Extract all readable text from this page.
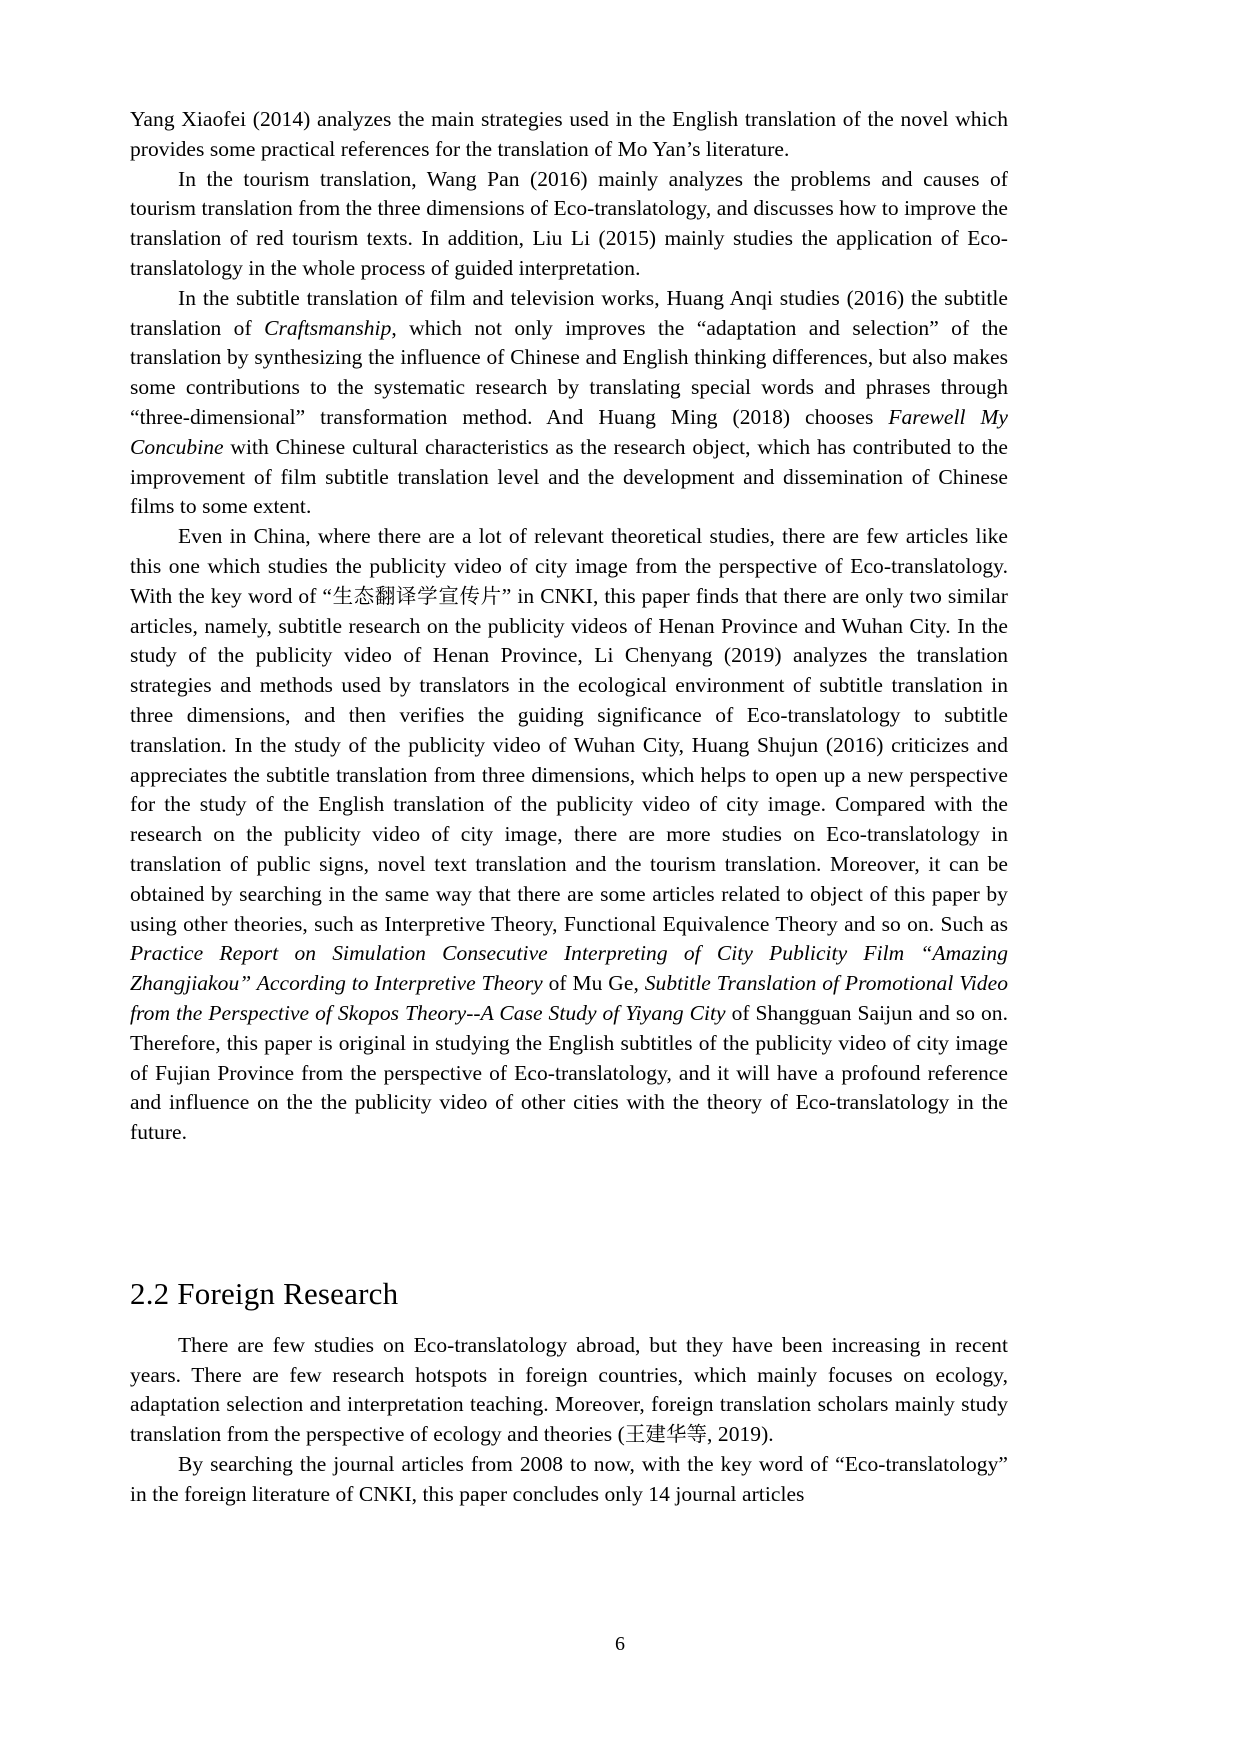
Yang Xiaofei (2014) analyzes the main strategies used in the English translation of the novel which provides some practical references for the translation of Mo Yan’s literature.

In the tourism translation, Wang Pan (2016) mainly analyzes the problems and causes of tourism translation from the three dimensions of Eco-translatology, and discusses how to improve the translation of red tourism texts. In addition, Liu Li (2015) mainly studies the application of Eco-translatology in the whole process of guided interpretation.

In the subtitle translation of film and television works, Huang Anqi studies (2016) the subtitle translation of Craftsmanship, which not only improves the “adaptation and selection” of the translation by synthesizing the influence of Chinese and English thinking differences, but also makes some contributions to the systematic research by translating special words and phrases through “three-dimensional” transformation method. And Huang Ming (2018) chooses Farewell My Concubine with Chinese cultural characteristics as the research object, which has contributed to the improvement of film subtitle translation level and the development and dissemination of Chinese films to some extent.

Even in China, where there are a lot of relevant theoretical studies, there are few articles like this one which studies the publicity video of city image from the perspective of Eco-translatology. With the key word of “生态翻译学宣传片” in CNKI, this paper finds that there are only two similar articles, namely, subtitle research on the publicity videos of Henan Province and Wuhan City. In the study of the publicity video of Henan Province, Li Chenyang (2019) analyzes the translation strategies and methods used by translators in the ecological environment of subtitle translation in three dimensions, and then verifies the guiding significance of Eco-translatology to subtitle translation. In the study of the publicity video of Wuhan City, Huang Shujun (2016) criticizes and appreciates the subtitle translation from three dimensions, which helps to open up a new perspective for the study of the English translation of the publicity video of city image. Compared with the research on the publicity video of city image, there are more studies on Eco-translatology in translation of public signs, novel text translation and the tourism translation. Moreover, it can be obtained by searching in the same way that there are some articles related to object of this paper by using other theories, such as Interpretive Theory, Functional Equivalence Theory and so on. Such as Practice Report on Simulation Consecutive Interpreting of City Publicity Film “Amazing Zhangjiakou” According to Interpretive Theory of Mu Ge, Subtitle Translation of Promotional Video from the Perspective of Skopos Theory--A Case Study of Yiyang City of Shangguan Saijun and so on. Therefore, this paper is original in studying the English subtitles of the publicity video of city image of Fujian Province from the perspective of Eco-translatology, and it will have a profound reference and influence on the the publicity video of other cities with the theory of Eco-translatology in the future.

2.2 Foreign Research

There are few studies on Eco-translatology abroad, but they have been increasing in recent years. There are few research hotspots in foreign countries, which mainly focuses on ecology, adaptation selection and interpretation teaching. Moreover, foreign translation scholars mainly study translation from the perspective of ecology and theories (王建华等, 2019).

By searching the journal articles from 2008 to now, with the key word of “Eco-translatology” in the foreign literature of CNKI, this paper concludes only 14 journal articles

6
